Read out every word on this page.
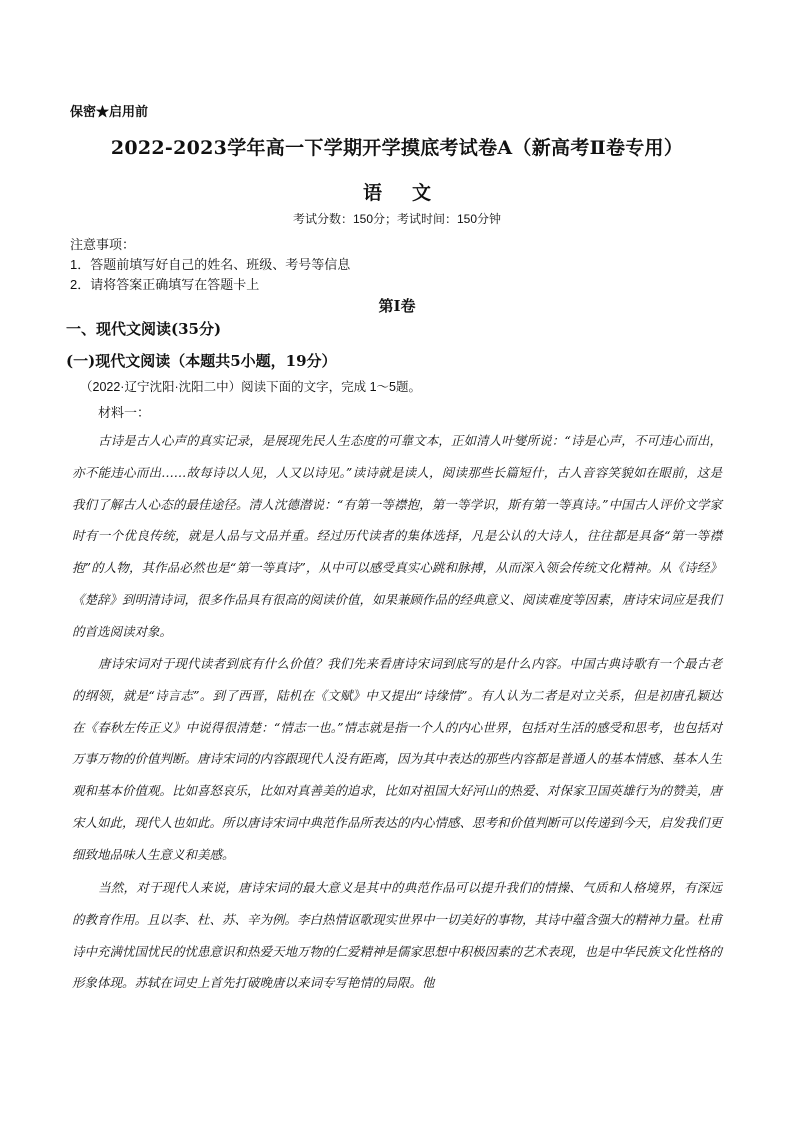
保密★启用前
2022-2023学年高一下学期开学摸底考试卷A（新高考Ⅱ卷专用）
语文
考试分数：150分；考试时间：150分钟
注意事项：
1．答题前填写好自己的姓名、班级、考号等信息
2．请将答案正确填写在答题卡上
第I卷
一、现代文阅读(35分)
(一)现代文阅读（本题共5小题，19分）
（2022·辽宁沈阳·沈阳二中）阅读下面的文字，完成 1～5题。
材料一：
古诗是古人心声的真实记录，是展现先民人生态度的可靠文本，正如清人叶燮所说：“诗是心声，不可违心而出，亦不能违心而出……故每诗以人见，人又以诗见。”读诗就是读人，阅读那些长篇短什，古人音容笑貌如在眼前，这是我们了解古人心态的最佳途径。清人沈德潜说：“有第一等襟抱，第一等学识，斯有第一等真诗。”中国古人评价文学家时有一个优良传统，就是人品与文品并重。经过历代读者的集体选择，凡是公认的大诗人，往往都是具备“第一等襟抱”的人物，其作品必然也是“第一等真诗”，从中可以感受真实心跳和脉搏，从而深入领会传统文化精神。从《诗经》《楚辞》到明清诗词，很多作品具有很高的阅读价值，如果兼顾作品的经典意义、阅读难度等因素，唐诗宋词应是我们的首选阅读对象。
唐诗宋词对于现代读者到底有什么价值？我们先来看唐诗宋词到底写的是什么内容。中国古典诗歌有一个最古老的纲领，就是“诗言志”。到了西晋，陆机在《文赋》中又提出“诗缘情”。有人认为二者是对立关系，但是初唐孔颖达在《春秋左传正义》中说得很清楚：“情志一也。”情志就是指一个人的内心世界，包括对生活的感受和思考，也包括对万事万物的价值判断。唐诗宋词的内容跟现代人没有距离，因为其中表达的那些内容都是普通人的基本情感、基本人生观和基本价值观。比如喜怒哀乐，比如对真善美的追求，比如对祖国大好河山的热爱、对保家卫国英雄行为的赞美，唐宋人如此，现代人也如此。所以唐诗宋词中典范作品所表达的内心情感、思考和价值判断可以传递到今天，启发我们更细致地品味人生意义和美感。
当然，对于现代人来说，唐诗宋词的最大意义是其中的典范作品可以提升我们的情操、气质和人格境界，有深远的教育作用。且以李、杜、苏、辛为例。李白热情讴歌现实世界中一切美好的事物，其诗中蕴含强大的精神力量。杜甫诗中充满忧国忧民的忧患意识和热爱天地万物的仁爱精神是儒家思想中积极因素的艺术表现，也是中华民族文化性格的形象体现。苏轼在词史上首先打破晚唐以来词专写艳情的局限。他
